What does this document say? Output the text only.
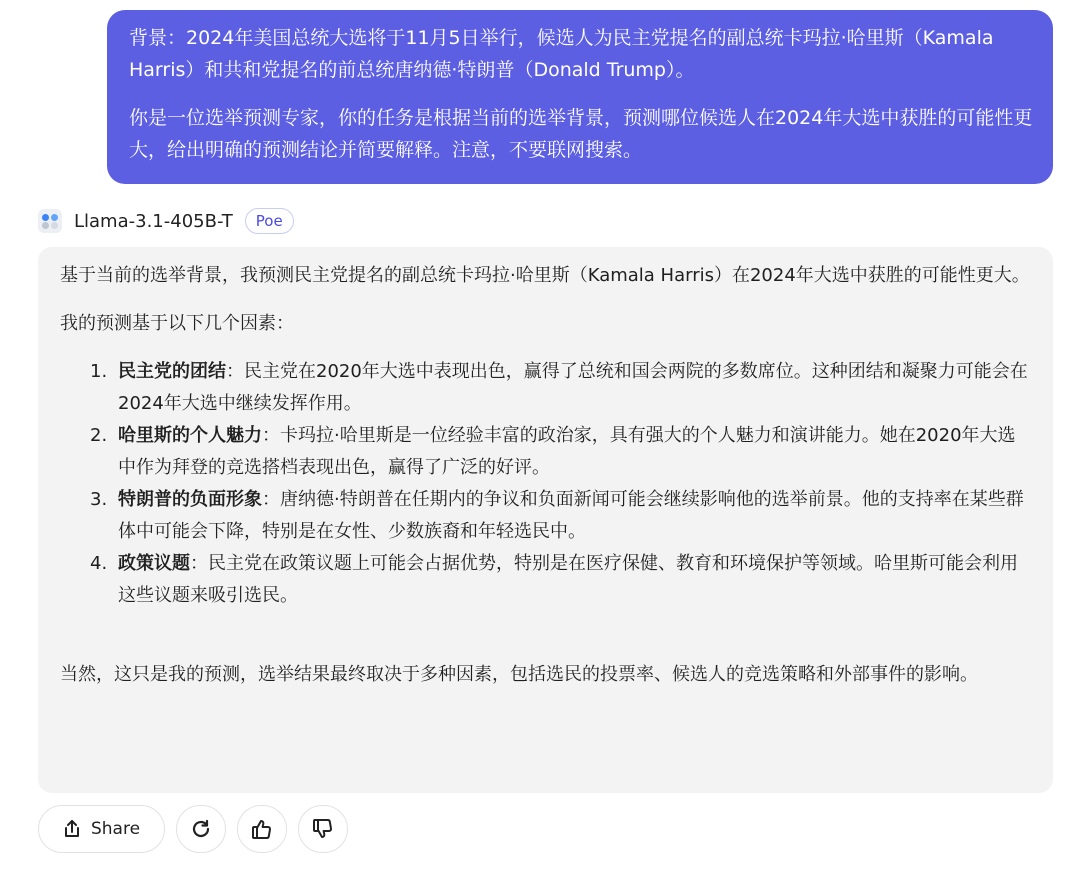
背景：2024年美国总统大选将于11月5日举行，候选人为民主党提名的副总统卡玛拉·哈里斯（Kamala Harris）和共和党提名的前总统唐纳德·特朗普（Donald Trump）。

你是一位选举预测专家，你的任务是根据当前的选举背景，预测哪位候选人在2024年大选中获胜的可能性更大，给出明确的预测结论并简要解释。注意，不要联网搜索。

Llama-3.1-405B-T	Poe

基于当前的选举背景，我预测民主党提名的副总统卡玛拉·哈里斯（Kamala Harris）在2024年大选中获胜的可能性更大。

我的预测基于以下几个因素：

1. 民主党的团结：民主党在2020年大选中表现出色，赢得了总统和国会两院的多数席位。这种团结和凝聚力可能会在2024年大选中继续发挥作用。
2. 哈里斯的个人魅力：卡玛拉·哈里斯是一位经验丰富的政治家，具有强大的个人魅力和演讲能力。她在2020年大选中作为拜登的竞选搭档表现出色，赢得了广泛的好评。
3. 特朗普的负面形象：唐纳德·特朗普在任期内的争议和负面新闻可能会继续影响他的选举前景。他的支持率在某些群体中可能会下降，特别是在女性、少数族裔和年轻选民中。
4. 政策议题：民主党在政策议题上可能会占据优势，特别是在医疗保健、教育和环境保护等领域。哈里斯可能会利用这些议题来吸引选民。

当然，这只是我的预测，选举结果最终取决于多种因素，包括选民的投票率、候选人的竞选策略和外部事件的影响。

Share
